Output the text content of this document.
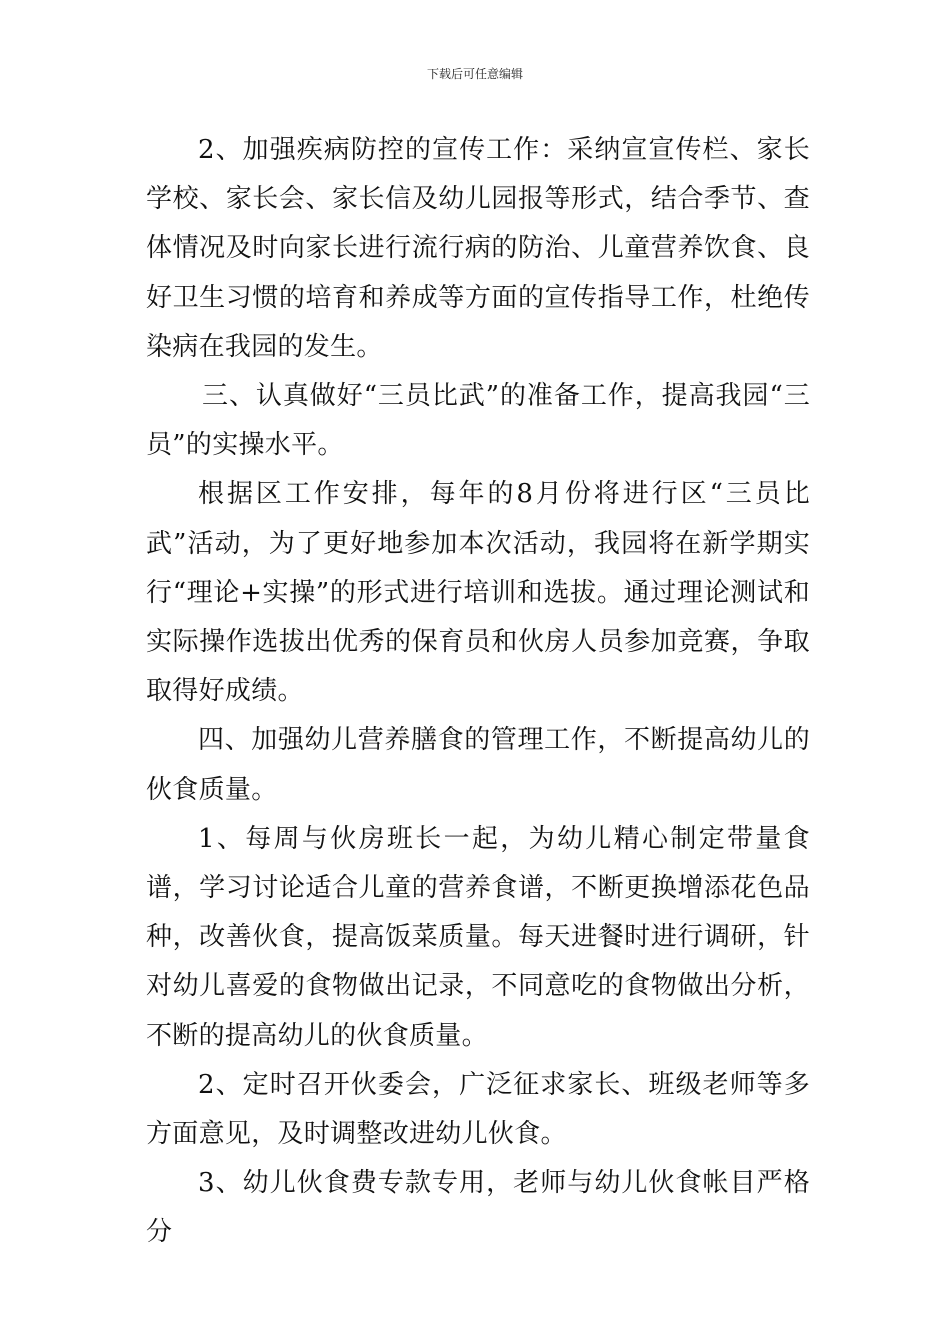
下载后可任意编辑

2、加强疾病防控的宣传工作：采纳宣宣传栏、家长学校、家长会、家长信及幼儿园报等形式，结合季节、查体情况及时向家长进行流行病的防治、儿童营养饮食、良好卫生习惯的培育和养成等方面的宣传指导工作，杜绝传染病在我园的发生。

三、认真做好“三员比武”的准备工作，提高我园“三员”的实操水平。

根据区工作安排，每年的8月份将进行区“三员比武”活动，为了更好地参加本次活动，我园将在新学期实行“理论+实操”的形式进行培训和选拔。通过理论测试和实际操作选拔出优秀的保育员和伙房人员参加竞赛，争取取得好成绩。

四、加强幼儿营养膳食的管理工作，不断提高幼儿的伙食质量。

1、每周与伙房班长一起，为幼儿精心制定带量食谱，学习讨论适合儿童的营养食谱，不断更换增添花色品种，改善伙食，提高饭菜质量。每天进餐时进行调研，针对幼儿喜爱的食物做出记录，不同意吃的食物做出分析，不断的提高幼儿的伙食质量。

2、定时召开伙委会，广泛征求家长、班级老师等多方面意见，及时调整改进幼儿伙食。

3、幼儿伙食费专款专用，老师与幼儿伙食帐目严格分
